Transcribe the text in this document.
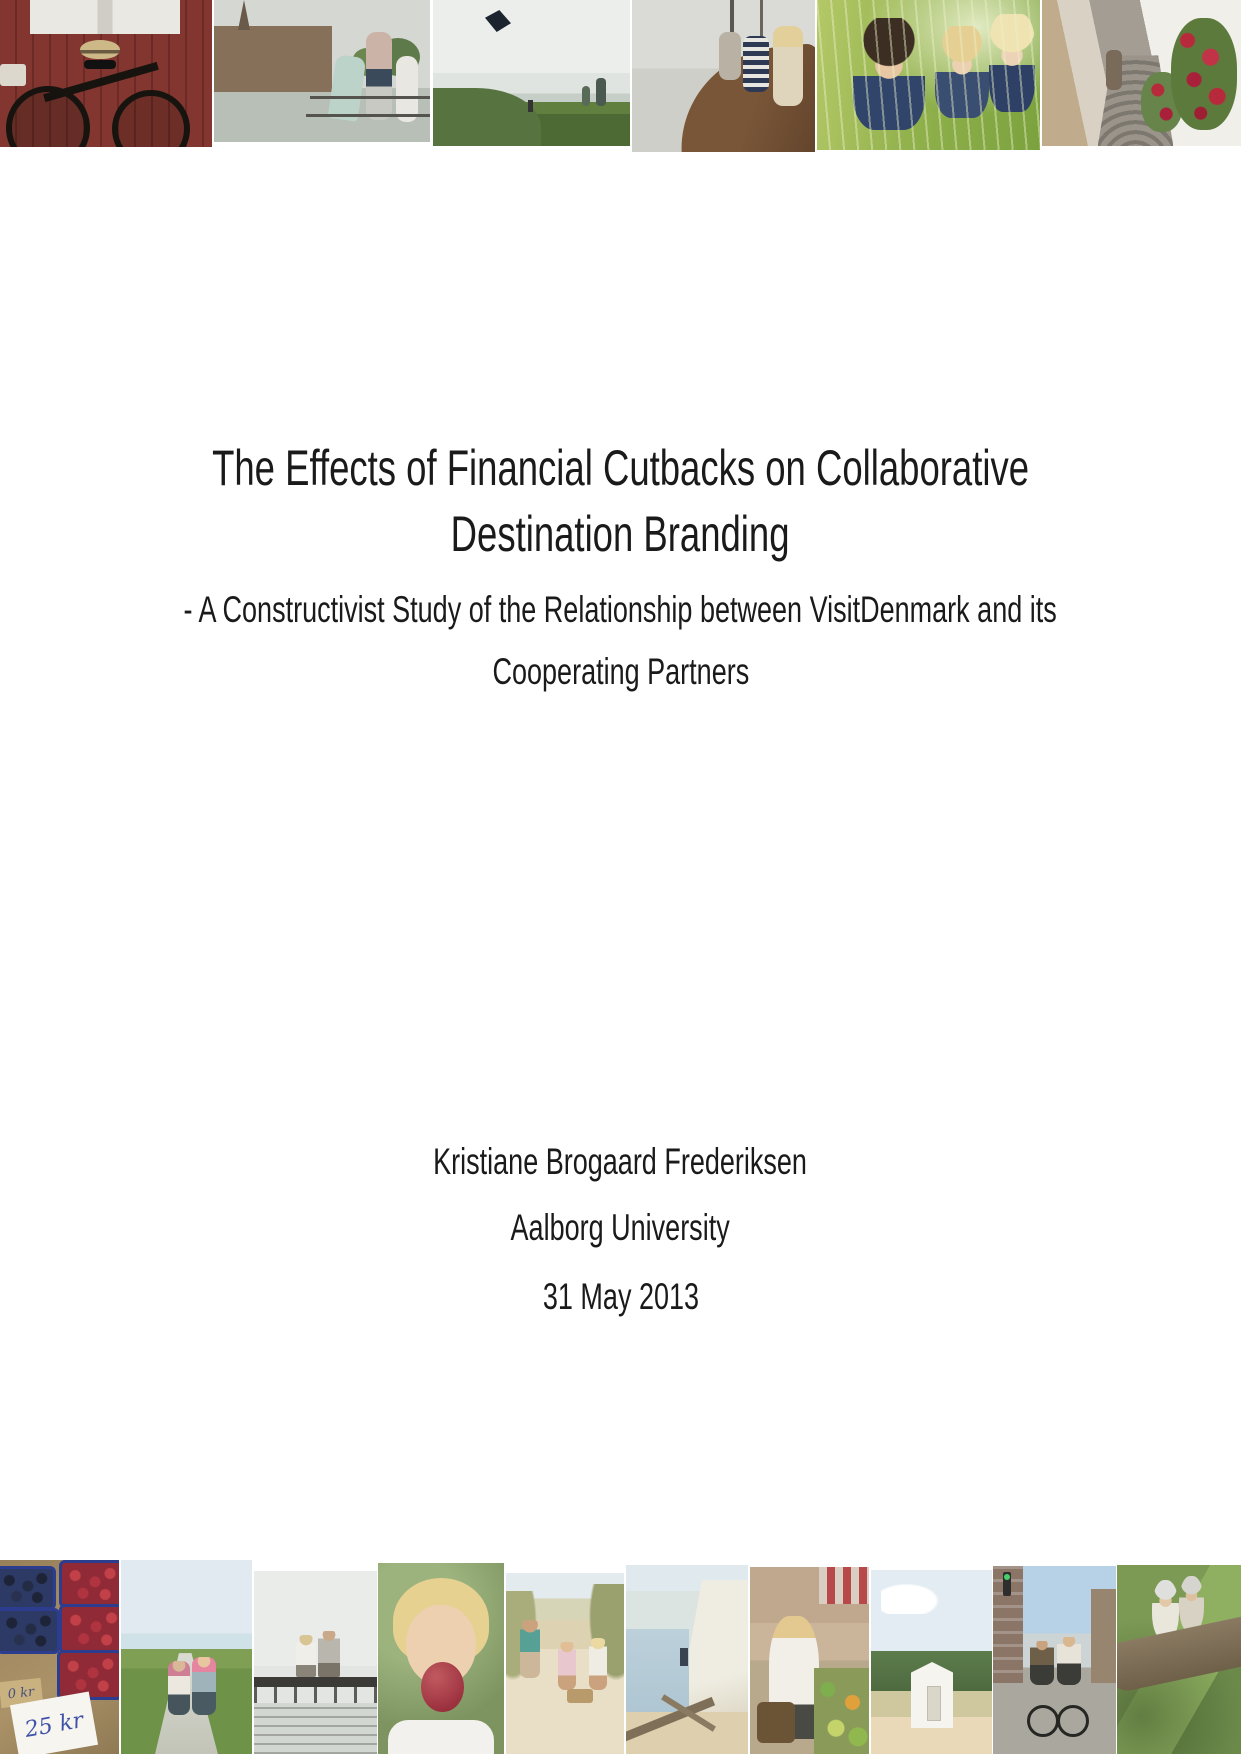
The Effects of Financial Cutbacks on Collaborative
Destination Branding
- A Constructivist Study of the Relationship between VisitDenmark and its
Cooperating Partners
Kristiane Brogaard Frederiksen
Aalborg University
31 May 2013
0 kr
25 kr
